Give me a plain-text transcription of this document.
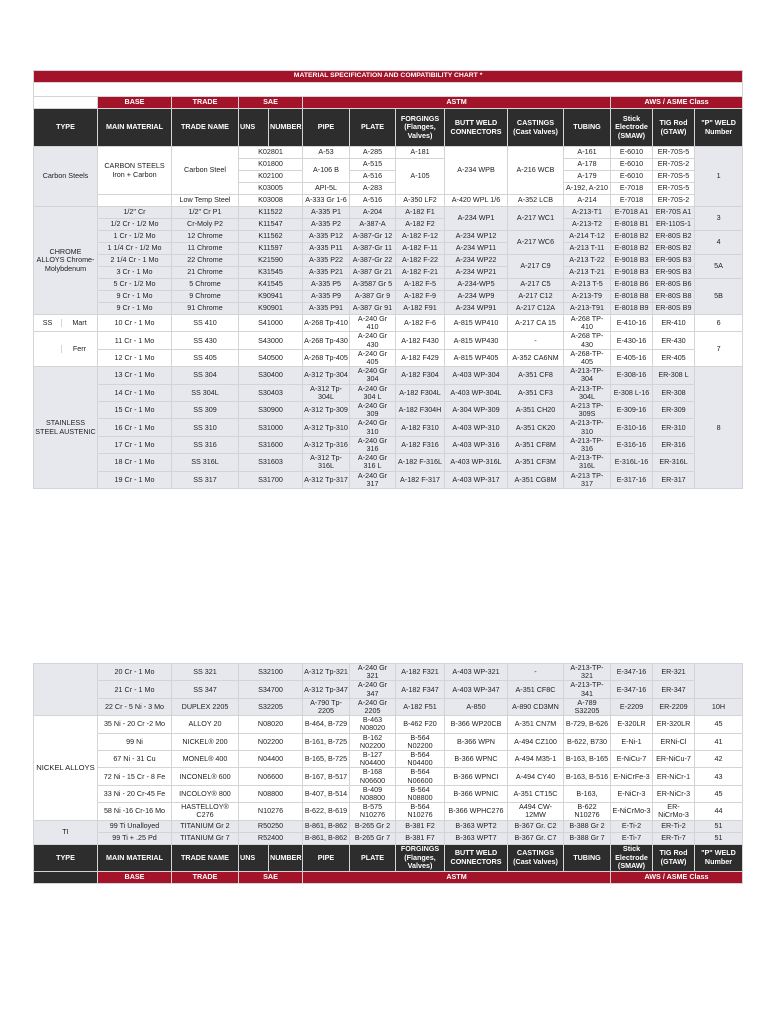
MATERIAL SPECIFICATION AND COMPATIBILITY CHART *													

	BASE	TRADE	SAE		ASTM						AWS / ASME Class		
TYPE	MAIN MATERIAL	TRADE NAME	UNS	NUMBER	PIPE	PLATE	FORGINGS (Flanges, Valves)	BUTT WELD CONNECTORS	CASTINGS (Cast Valves)	TUBING	Stick Electrode (SMAW)	TIG Rod (GTAW)	"P" WELD Number
Carbon Steels	CARBON STEELS Iron + Carbon	Carbon Steel	K02801		A-53	A-285	A-181	A-234 WPB	A-216 WCB	A-161	E-6010	ER-70S-5	1
			K01800		A-106 B	A-515	A-105			A-178	E-6010	ER-70S-2	
			K02100			A-516				A-179	E-6010	ER-70S-5	
			K03005		API-5L	A-283				A-192, A-210	E-7018	ER-70S-5	
		Low Temp Steel	K03008		A-333 Gr 1-6	A-516	A-350 LF2	A-420 WPL 1/6	A-352 LCB	A-214	E-7018	ER-70S-2	
CHROME ALLOYS Chrome-Molybdenum	1/2" Cr	1/2" Cr P1	K11522		A-335 P1	A-204	A-182 F1	A-234 WP1	A-217 WC1	A-213-T1	E-7018 A1	ER-70S A1	3
	1/2 Cr - 1/2 Mo	Cr-Moly P2	K11547		A-335 P2	A-387-A	A-182 F2			A-213-T2	E-8018 B1	ER-110S-1	
	1 Cr - 1/2 Mo	12 Chrome	K11562		A-335 P12	A-387-Gr 12	A-182 F-12	A-234 WP12	A-217 WC6	A-214 T-12	E-8018 B2	ER-80S B2	4
	1 1/4 Cr - 1/2 Mo	11 Chrome	K11597		A-335 P11	A-387-Gr 11	A-182 F-11	A-234 WP11		A-213 T-11	E-8018 B2	ER-80S B2	
	2 1/4 Cr - 1 Mo	22 Chrome	K21590		A-335 P22	A-387-Gr 22	A-182 F-22	A-234 WP22	A-217 C9	A-213 T-22	E-9018 B3	ER-90S B3	5A
	3 Cr - 1 Mo	21 Chrome	K31545		A-335 P21	A-387 Gr 21	A-182 F-21	A-234 WP21		A-213 T-21	E-9018 B3	ER-90S B3	
	5 Cr - 1/2 Mo	5 Chrome	K41545		A-335 P5	A-3587 Gr 5	A-182 F-5	A-234-WP5	A-217 C5	A-213 T-5	E-8018 B6	ER-80S B6	5B
	9 Cr - 1 Mo	9 Chrome	K90941		A-335 P9	A-387 Gr 9	A-182 F-9	A-234 WP9	A-217 C12	A-213-T9	E-8018 B8	ER-80S B8	
	9 Cr - 1 Mo	91 Chrome	K90901		A-335 P91	A-387 Gr 91	A-182 F91	A-234 WP91	A-217 C12A	A-213-T91	E-8018 B9	ER-80S B9	

SS Mart	10 Cr - 1 Mo	SS 410	S41000		A-268 Tp-410	A-240 Gr 410	A-182 F-6	A-815 WP410	A-217 CA 15	A-268 TP-410	E-410-16	ER-410	6

Ferr	11 Cr - 1 Mo	SS 430	S43000		A-268 Tp-430	A-240 Gr 430	A-182 F430	A-815 WP430	-	A-268 TP-430	E-430-16	ER-430	7
	12 Cr - 1 Mo	SS 405	S40500		A-268 Tp-405	A-240 Gr 405	A-182 F429	A-815 WP405	A-352 CA6NM	A-268-TP-405	E-405-16	ER-405	
STAINLESS STEEL AUSTENIC	13 Cr - 1 Mo	SS 304	S30400		A-312 Tp-304	A-240 Gr 304	A-182 F304	A-403 WP-304	A-351 CF8	A-213-TP-304	E-308-16	ER-308 L	8
	14 Cr - 1 Mo	SS 304L	S30403		A-312 Tp-304L	A-240 Gr 304 L	A-182 F304L	A-403 WP-304L	A-351 CF3	A-213-TP-304L	E-308 L-16	ER-308	
	15 Cr - 1 Mo	SS 309	S30900		A-312 Tp-309	A-240 Gr 309	A-182 F304H	A-304 WP-309	A-351 CH20	A-213 TP-309S	E-309-16	ER-309	
	16 Cr - 1 Mo	SS 310	S31000		A-312 Tp-310	A-240 Gr 310	A-182 F310	A-403 WP-310	A-351 CK20	A-213-TP-310	E-310-16	ER-310	
	17 Cr - 1 Mo	SS 316	S31600		A-312 Tp-316	A-240 Gr 316	A-182 F316	A-403 WP-316	A-351 CF8M	A-213-TP-316	E-316-16	ER-316	
	18 Cr - 1 Mo	SS 316L	S31603		A-312 Tp-316L	A-240 Gr 316 L	A-182 F-316L	A-403 WP-316L	A-351 CF3M	A-213-TP-316L	E-316L-16	ER-316L	
	19 Cr - 1 Mo	SS 317	S31700		A-312 Tp-317	A-240 Gr 317	A-182 F-317	A-403 WP-317	A-351 CG8M	A-213 TP-317	E-317-16	ER-317	
	20 Cr - 1 Mo	SS 321	S32100		A-312 Tp-321	A-240 Gr 321	A-182 F321	A-403 WP-321	-	A-213-TP-321	E-347-16	ER-321	
	21 Cr - 1 Mo	SS 347	S34700		A-312 Tp-347	A-240 Gr 347	A-182 F347	A-403 WP-347	A-351 CF8C	A-213-TP-341	E-347-16	ER-347	
	22 Cr - 5 Ni - 3 Mo	DUPLEX 2205	S32205		A-790 Tp-2205	A-240 Gr 2205	A-182 F51	A-850	A-890 CD3MN	A-789 S32205	E-2209	ER-2209	10H
NICKEL ALLOYS	35 Ni - 20 Cr -2 Mo	ALLOY 20	N08020		B-464, B-729	B-463 N08020	B-462 F20	B-366 WP20CB	A-351 CN7M	B-729, B-626	E-320LR	ER-320LR	45
	99 Ni	NICKEL® 200	N02200		B-161, B-725	B-162 N02200	B-564 N02200	B-366 WPN	A-494 CZ100	B-622, B730	E-Ni-1	ERNi-Cl	41
	67 Ni - 31 Cu	MONEL® 400	N04400		B-165, B-725	B-127 N04400	B-564 N04400	B-366 WPNC	A-494 M35-1	B-163, B-165	E-NiCu-7	ER-NiCu-7	42
	72 Ni - 15 Cr - 8 Fe	INCONEL® 600	N06600		B-167, B-517	B-168 N06600	B-564 N06600	B-366 WPNCI	A-494 CY40	B-163, B-516	E-NiCrFe-3	ER-NiCr-1	43
	33 Ni - 20 Cr-45 Fe	INCOLOY® 800	N08800		B-407, B-514	B-409 N08800	B-564 N08800	B-366 WPNIC	A-351 CT15C	B-163,	E-NiCr-3	ER-NiCr-3	45
	58 Ni -16 Cr-16 Mo	HASTELLOY® C276	N10276		B-622, B-619	B-575 N10276	B-564 N10276	B-366 WPHC276	A494 CW-12MW	B-622 N10276	E-NiCrMo-3	ER-NiCrMo-3	44
TI	99 Ti Unalloyed	TITANIUM Gr 2	R50250		B-861, B-862	B-265 Gr 2	B-381 F2	B-363 WPT2	B-367 Gr. C2	B-388 Gr 2	E-Ti-2	ER-Ti-2	51
	99 Ti + .25 Pd	TITANIUM Gr 7	R52400		B-861, B-862	B-265 Gr 7	B-381 F7	B-363 WPT7	B-367 Gr. C7	B-388 Gr 7	E-Ti-7	ER-Ti-7	51
TYPE	MAIN MATERIAL	TRADE NAME	UNS	NUMBER	PIPE	PLATE	FORGINGS (Flanges, Valves)	BUTT WELD CONNECTORS	CASTINGS (Cast Valves)	TUBING	Stick Electrode (SMAW)	TIG Rod (GTAW)	"P" WELD Number
	BASE	TRADE	SAE		ASTM						AWS / ASME Class		
